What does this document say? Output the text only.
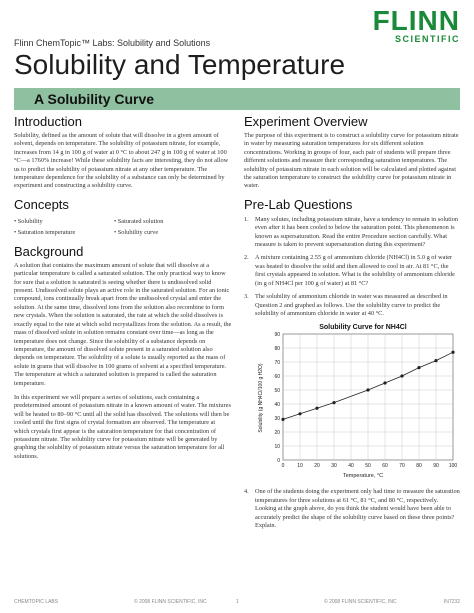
FLINN
SCIENTIFIC
Flinn ChemTopic™ Labs: Solubility and Solutions
Solubility and Temperature
A Solubility Curve
Introduction

Solubility, defined as the amount of solute that will dissolve in a given amount of solvent, depends on temperature. The solubility of potassium nitrate, for example, increases from 14 g in 100 g of water at 0 °C to about 247 g in 100 g of water at 100 °C—a 1760% increase! While these solubility facts are interesting, they do not allow us to predict the solubility of potassium nitrate at any other temperature. The temperature dependence for the solubility of a substance can only be determined by experiment and constructing a solubility curve.

Concepts
• Solubility	• Saturated solution
• Saturation temperature	• Solubility curve
Background

A solution that contains the maximum amount of solute that will dissolve at a particular temperature is called a saturated solution. The only practical way to know for sure that a solution is saturated is seeing whether there is undissolved solid present. Undissolved solute plays an active role in the saturated solution. For an ionic compound, ions continually break apart from the undissolved crystal and enter the solution. At the same time, dissolved ions from the solution also recombine to form new crystals. When the solution is saturated, the rate at which the solid dissolves is exactly equal to the rate at which solid recrystallizes from the solution. As a result, the mass of dissolved solute in solution remains constant over time—as long as the temperature does not change. Since the solubility of a substance depends on temperature, the amount of dissolved solute present in a saturated solution also depends on temperature. The solubility of a solute is usually reported as the mass of solute in grams that will dissolve in 100 grams of solvent at a specified temperature. The temperature at which a saturated solution is prepared is called the saturation temperature.

In this experiment we will prepare a series of solutions, each containing a predetermined amount of potassium nitrate in a known amount of water. The mixtures will be heated to 80–90 °C until all the solid has dissolved. The solutions will then be cooled until the first signs of crystal formation are observed. The temperature at which crystals first appear is the saturation temperature for that concentration of potassium nitrate. The solubility curve for potassium nitrate will be generated by graphing the solubility of potassium nitrate versus the saturation temperature for all solutions.

Experiment Overview

The purpose of this experiment is to construct a solubility curve for potassium nitrate in water by measuring saturation temperatures for six different solution concentrations. Working in groups of four, each pair of students will prepare three different solutions and measure their corresponding saturation temperatures. The solubility of potassium nitrate in each solution will be calculated and plotted against the saturation temperature to construct the solubility curve for potassium nitrate in water.

Pre-Lab Questions
1. Many solutes, including potassium nitrate, have a tendency to remain in solution even after it has been cooled to below the saturation point. This phenomenon is known as supersaturation. Read the entire Procedure section carefully. What measure is taken to prevent supersaturation during this experiment?
2. A mixture containing 2.55 g of ammonium chloride (NH4Cl) in 5.0 g of water was heated to dissolve the solid and then allowed to cool in air. At 81 °C, the first crystals appeared in solution. What is the solubility of ammonium chloride (in g of NH4Cl per 100 g of water) at 81 °C?
3. The solubility of ammonium chloride in water was measured as described in Question 2 and graphed as follows. Use the solubility curve to predict the solubility of ammonium chloride in water at 40 °C.
Solubility Curve for NH4Cl
Solubility (g NH4Cl/100 g H2O)
Temperature, °C
0
10
20
30
40
50
60
70
80
90
0	10 20 30 40 50 60 70 80 90 100
4. One of the students doing the experiment only had time to measure the saturation temperatures for three solutions at 61 °C, 81 °C, and 80 °C, respectively. Looking at the graph above, do you think the student would have been able to accurately predict the shape of the solubility curve based on these three points? Explain.
CHEMTOPIC LABS	© 2008 FLINN SCIENTIFIC, INC	1	© 2008 FLINN SCIENTIFIC, INC	IN7232
